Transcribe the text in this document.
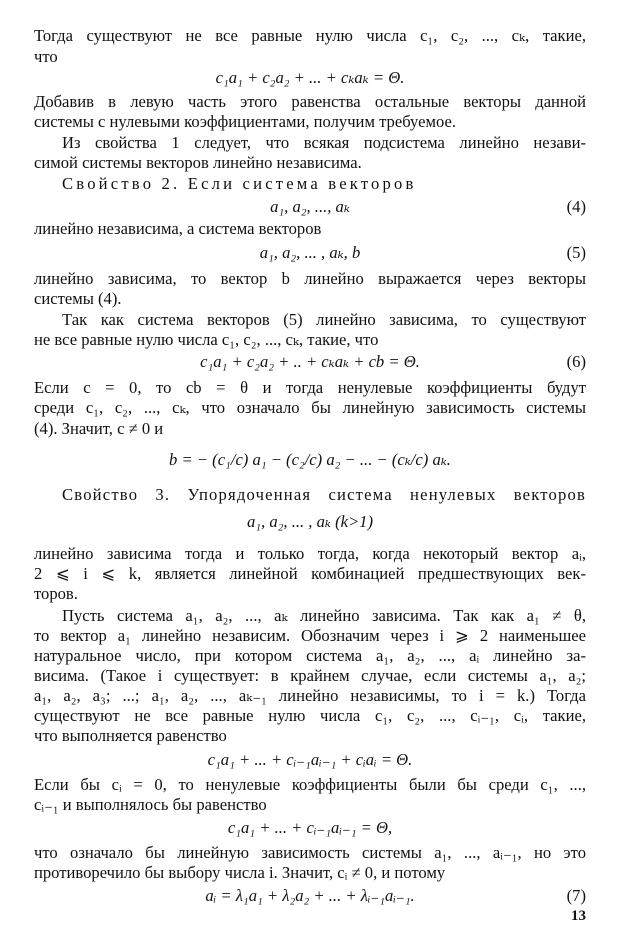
Тогда существуют не все равные нулю числа c₁, c₂, ..., cₖ, такие,
что
c₁a₁ + c₂a₂ + ... + cₖaₖ = Θ.
Добавив в левую часть этого равенства остальные векторы данной
системы с нулевыми коэффициентами, получим требуемое.
Из свойства 1 следует, что всякая подсистема линейно незави-
симой системы векторов линейно независима.
Свойство 2. Если система векторов
a₁, a₂, ..., aₖ	(4)
линейно независима, а система векторов
a₁, a₂, ... , aₖ, b	(5)
линейно зависима, то вектор b линейно выражается через векторы
системы (4).
Так как система векторов (5) линейно зависима, то существуют
не все равные нулю числа c₁, c₂, ..., cₖ, такие, что
c₁a₁ + c₂a₂ + .. + cₖaₖ + cb = Θ.	(6)
Если c = 0, то cb = θ и тогда ненулевые коэффициенты будут
среди c₁, c₂, ..., cₖ, что означало бы линейную зависимость системы
(4). Значит, c ≠ 0 и
b = − (c₁/c) a₁ − (c₂/c) a₂ − ... − (cₖ/c) aₖ.
Свойство 3. Упорядоченная система ненулевых векторов
a₁, a₂, ... , aₖ (k>1)
линейно зависима тогда и только тогда, когда некоторый вектор aᵢ,
2 ⩽ i ⩽ k, является линейной комбинацией предшествующих век-
торов.
Пусть система a₁, a₂, ..., aₖ линейно зависима. Так как a₁ ≠ θ,
то вектор a₁ линейно независим. Обозначим через i ⩾ 2 наименьшее
натуральное число, при котором система a₁, a₂, ..., aᵢ линейно за-
висима. (Такое i существует: в крайнем случае, если системы a₁, a₂;
a₁, a₂, a₃; ...; a₁, a₂, ..., aₖ₋₁ линейно независимы, то i = k.) Тогда
существуют не все равные нулю числа c₁, c₂, ..., cᵢ₋₁, cᵢ, такие,
что выполняется равенство
c₁a₁ + ... + cᵢ₋₁aᵢ₋₁ + cᵢaᵢ = Θ.
Если бы cᵢ = 0, то ненулевые коэффициенты были бы среди c₁, ...,
cᵢ₋₁ и выполнялось бы равенство
c₁a₁ + ... + cᵢ₋₁aᵢ₋₁ = Θ,
что означало бы линейную зависимость системы a₁, ..., aᵢ₋₁, но это
противоречило бы выбору числа i. Значит, cᵢ ≠ 0, и потому
aᵢ = λ₁a₁ + λ₂a₂ + ... + λᵢ₋₁aᵢ₋₁.	(7)
13
